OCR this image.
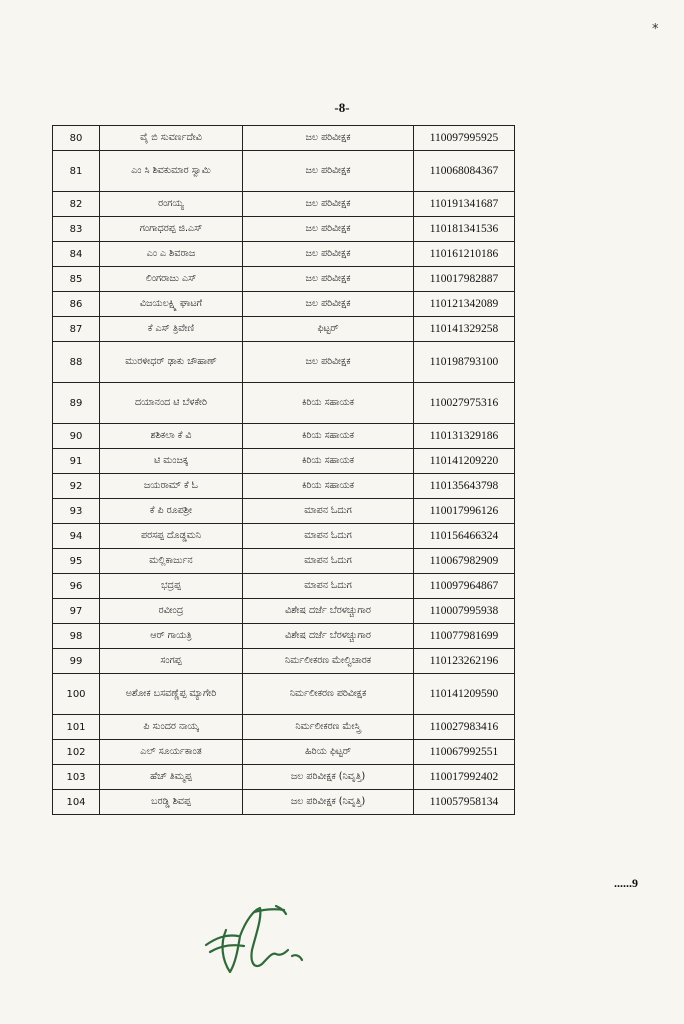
*
-8-
80	ವೈ ಬಿ ಸುವರ್ಣದೇವಿ	ಜಲ ಪರಿವೀಕ್ಷಕ	110097995925
81	ಎಂ ಸಿ ಶಿವಕುಮಾರ ಸ್ವಾಮಿ	ಜಲ ಪರಿವೀಕ್ಷಕ	110068084367
82	ರಂಗಯ್ಯ	ಜಲ ಪರಿವೀಕ್ಷಕ	110191341687
83	ಗಂಗಾಧರಪ್ಪ ಜಿ.ಎಸ್	ಜಲ ಪರಿವೀಕ್ಷಕ	110181341536
84	ಎಂ ಎ ಶಿವರಾಜ	ಜಲ ಪರಿವೀಕ್ಷಕ	110161210186
85	ಲಿಂಗರಾಜು ಎಸ್	ಜಲ ಪರಿವೀಕ್ಷಕ	110017982887
86	ವಿಜಯಲಕ್ಷ್ಮಿ ಘಾಟಗೆ	ಜಲ ಪರಿವೀಕ್ಷಕ	110121342089
87	ಕೆ ಎಸ್ ತ್ರಿವೇಣಿ	ಫಿಟ್ಟರ್	110141329258
88	ಮುರಳೀಧರ್ ಢಾಕು ಚೌಹಾಣ್	ಜಲ ಪರಿವೀಕ್ಷಕ	110198793100
89	ದಯಾನಂದ ಟಿ ಬೆಳಕೇರಿ	ಕಿರಿಯ ಸಹಾಯಕ	110027975316
90	ಶಶಿಕಲಾ ಕೆ ವಿ	ಕಿರಿಯ ಸಹಾಯಕ	110131329186
91	ಟಿ ಮಂಜಕ್ಕ	ಕಿರಿಯ ಸಹಾಯಕ	110141209220
92	ಜಯರಾಮ್ ಕೆ ಓ	ಕಿರಿಯ ಸಹಾಯಕ	110135643798
93	ಕೆ ಪಿ ರೂಪಶ್ರೀ	ಮಾಪನ ಓದುಗ	110017996126
94	ಪರಸಪ್ಪ ದೊಡ್ಡಮನಿ	ಮಾಪನ ಓದುಗ	110156466324
95	ಮಲ್ಲಿಕಾರ್ಜುನ	ಮಾಪನ ಓದುಗ	110067982909
96	ಭದ್ರಪ್ಪ	ಮಾಪನ ಓದುಗ	110097964867
97	ರವೀಂದ್ರ	ವಿಶೇಷ ದರ್ಜೆ ಬೆರಳಚ್ಚುಗಾರ	110007995938
98	ಆರ್ ಗಾಯತ್ರಿ	ವಿಶೇಷ ದರ್ಜೆ ಬೆರಳಚ್ಚುಗಾರ	110077981699
99	ಸಂಗಪ್ಪ	ನಿರ್ಮಲೀಕರಣ ಮೇಲ್ವಿಚಾರಕ	110123262196
100	ಅಶೋಕ ಬಸವಣ್ಣೆಪ್ಪ ಮ್ಯಾಗೇರಿ	ನಿರ್ಮಲೀಕರಣ ಪರಿವೀಕ್ಷಕ	110141209590
101	ಪಿ ಸುಂದರ ನಾಯ್ಕ	ನಿರ್ಮಲೀಕರಣ ಮೇಸ್ತ್ರಿ	110027983416
102	ಎಲ್ ಸೂರ್ಯಕಾಂತ	ಹಿರಿಯ ಫಿಟ್ಟರ್	110067992551
103	ಹೆಚ್ ತಿಮ್ಮಪ್ಪ	ಜಲ ಪರಿವೀಕ್ಷಕ (ನಿವೃತ್ತಿ)	110017992402
104	ಬರಡ್ಡಿ ಶಿವಪ್ಪ	ಜಲ ಪರಿವೀಕ್ಷಕ (ನಿವೃತ್ತಿ)	110057958134
......9
